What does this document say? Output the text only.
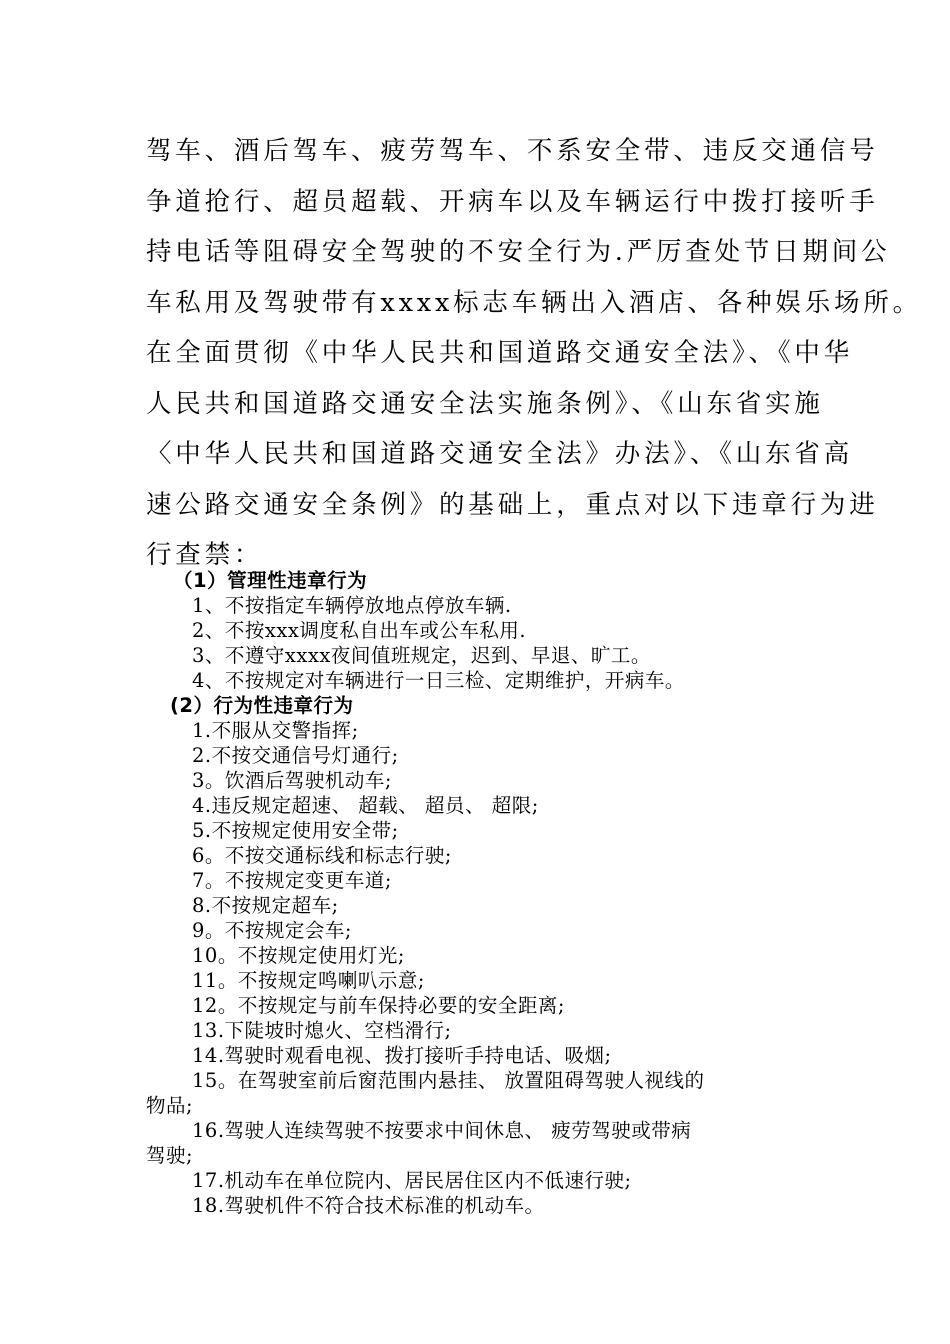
驾车、酒后驾车、疲劳驾车、不系安全带、违反交通信号
争道抢行、超员超载、开病车以及车辆运行中拨打接听手
持电话等阻碍安全驾驶的不安全行为.严厉查处节日期间公
车私用及驾驶带有xxxx标志车辆出入酒店、各种娱乐场所。
在全面贯彻《中华人民共和国道路交通安全法》、《中华
人民共和国道路交通安全法实施条例》、《山东省实施
〈中华人民共和国道路交通安全法》办法》、《山东省高
速公路交通安全条例》的基础上，重点对以下违章行为进
行查禁：
（1）管理性违章行为
1、不按指定车辆停放地点停放车辆.
2、不按xxx调度私自出车或公车私用.
3、不遵守xxxx夜间值班规定，迟到、早退、旷工。
4、不按规定对车辆进行一日三检、定期维护，开病车。
(2）行为性违章行为
1.不服从交警指挥;
2.不按交通信号灯通行;
3。饮酒后驾驶机动车;
4.违反规定超速、 超载、 超员、 超限;
5.不按规定使用安全带;
6。不按交通标线和标志行驶;
7。不按规定变更车道;
8.不按规定超车;
9。不按规定会车;
10。不按规定使用灯光;
11。不按规定鸣喇叭示意;
12。不按规定与前车保持必要的安全距离;
13.下陡坡时熄火、空档滑行;
14.驾驶时观看电视、拨打接听手持电话、吸烟;
15。在驾驶室前后窗范围内悬挂、 放置阻碍驾驶人视线的
物品;
16.驾驶人连续驾驶不按要求中间休息、 疲劳驾驶或带病
驾驶;
17.机动车在单位院内、居民居住区内不低速行驶;
18.驾驶机件不符合技术标准的机动车。
